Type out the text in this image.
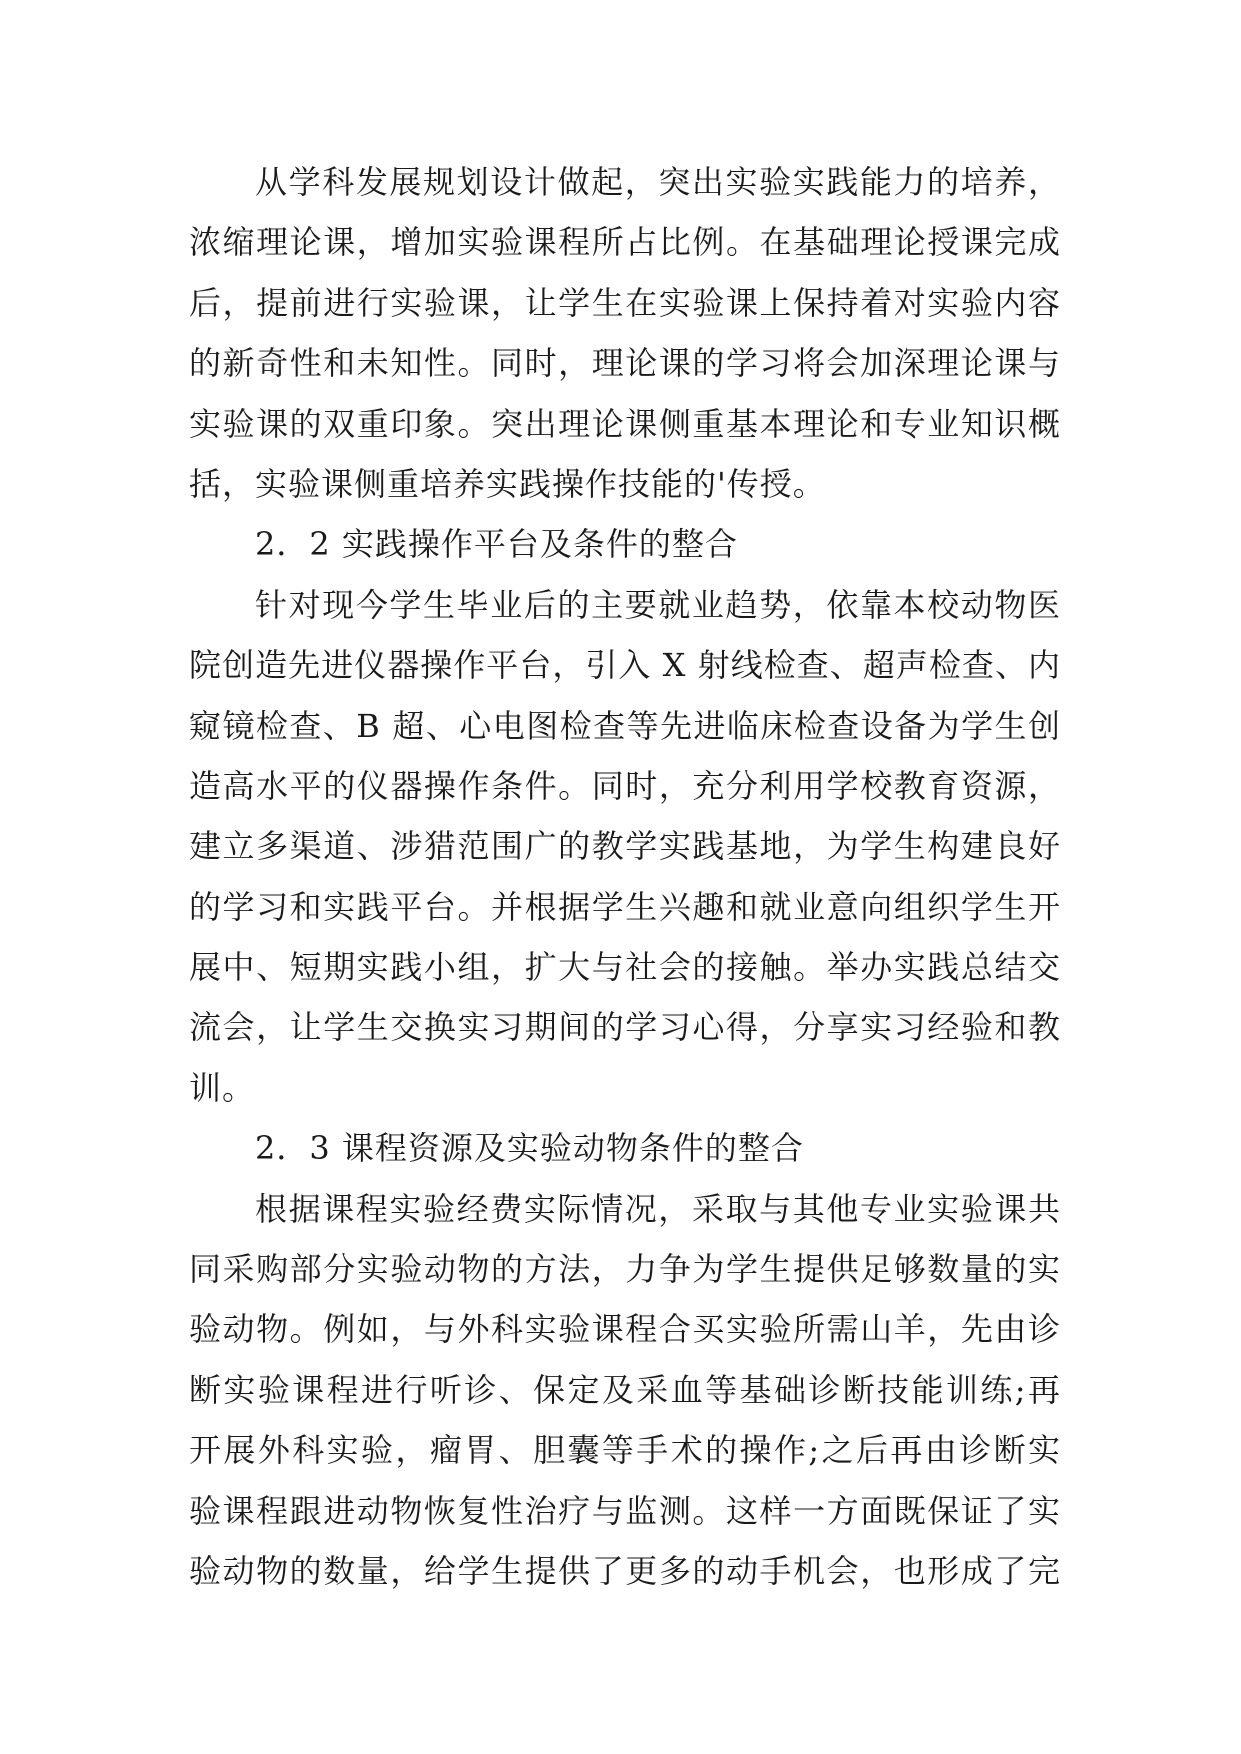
从学科发展规划设计做起，突出实验实践能力的培养，
浓缩理论课，增加实验课程所占比例。在基础理论授课完成
后，提前进行实验课，让学生在实验课上保持着对实验内容
的新奇性和未知性。同时，理论课的学习将会加深理论课与
实验课的双重印象。突出理论课侧重基本理论和专业知识概
括，实验课侧重培养实践操作技能的'传授。
2．2 实践操作平台及条件的整合
针对现今学生毕业后的主要就业趋势，依靠本校动物医
院创造先进仪器操作平台，引入 X 射线检查、超声检查、内
窥镜检查、B 超、心电图检查等先进临床检查设备为学生创
造高水平的仪器操作条件。同时，充分利用学校教育资源，
建立多渠道、涉猎范围广的教学实践基地，为学生构建良好
的学习和实践平台。并根据学生兴趣和就业意向组织学生开
展中、短期实践小组，扩大与社会的接触。举办实践总结交
流会，让学生交换实习期间的学习心得，分享实习经验和教
训。
2．3 课程资源及实验动物条件的整合
根据课程实验经费实际情况，采取与其他专业实验课共
同采购部分实验动物的方法，力争为学生提供足够数量的实
验动物。例如，与外科实验课程合买实验所需山羊，先由诊
断实验课程进行听诊、保定及采血等基础诊断技能训练;再
开展外科实验，瘤胃、胆囊等手术的操作;之后再由诊断实
验课程跟进动物恢复性治疗与监测。这样一方面既保证了实
验动物的数量，给学生提供了更多的动手机会，也形成了完
